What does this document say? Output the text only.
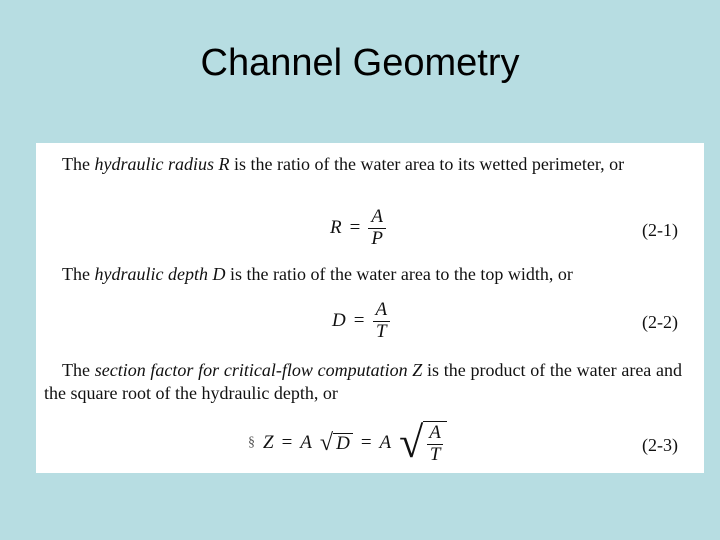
Channel Geometry
The hydraulic radius R is the ratio of the water area to its wetted perimeter, or
$R = \frac{A}{P}$	(2-1)
The hydraulic depth D is the ratio of the water area to the top width, or
$D = \frac{A}{T}$	(2-2)
The section factor for critical-flow computation Z is the product of the water area and the square root of the hydraulic depth, or
§ Z = A √ D = A √ $\frac{A}{T}$	(2-3)
